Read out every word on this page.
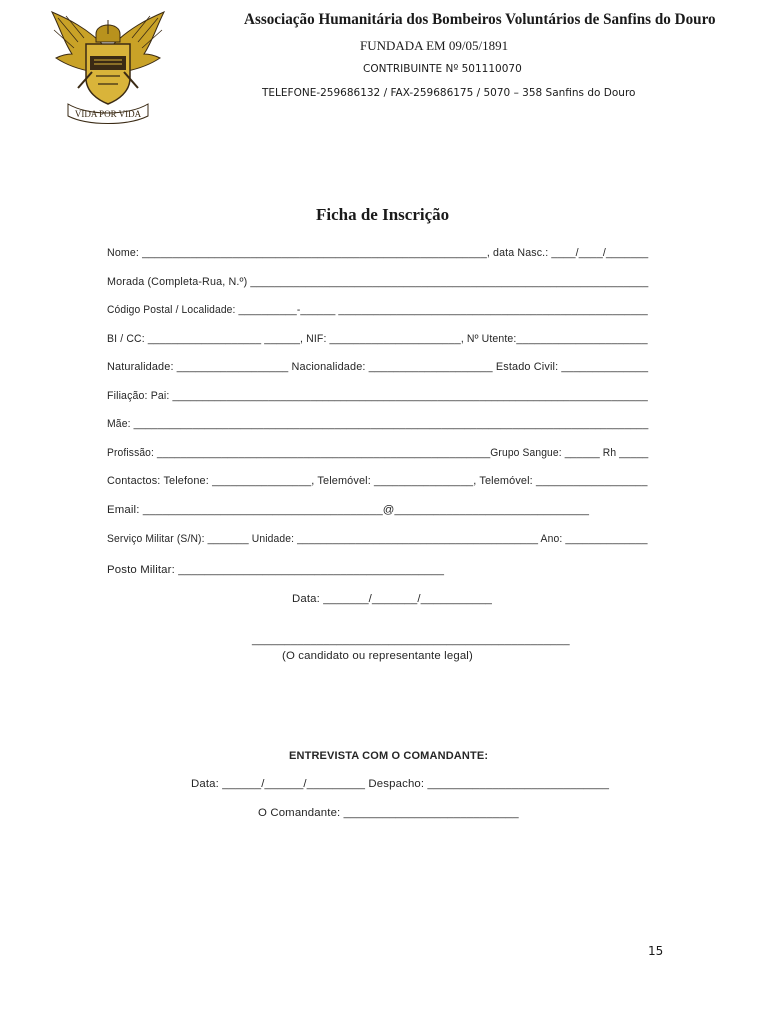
VIDA POR VIDA
Associação Humanitária dos Bombeiros Voluntários de Sanfins do Douro
FUNDADA EM 09/05/1891
CONTRIBUINTE Nº 501110070
TELEFONE-259686132 / FAX-259686175 / 5070 – 358 Sanfins do Douro
Ficha de Inscrição
Nome: _________________________________________________________, data Nasc.: ____/____/_______
Morada (Completa-Rua, N.º) _________________________________________________________________
Código Postal / Localidade: __________-______ _____________________________________________________
BI / CC: ___________________ ______, NIF: ______________________, Nº Utente:______________________
Naturalidade: __________________ Nacionalidade: ____________________ Estado Civil: ______________
Filiação: Pai: _______________________________________________________________________________
Mãe: _______________________________________________________________________________________
Profissão: _________________________________________________________Grupo Sangue: ______ Rh _____
Contactos: Telefone: ________________, Telemóvel: ________________, Telemóvel: __________________
Email: _____________________________________@______________________________
Serviço Militar (S/N): _______ Unidade: _________________________________________ Ano: ______________
Posto Militar: _________________________________________
Data: _______/_______/___________
_________________________________________________
(O candidato ou representante legal)
ENTREVISTA COM O COMANDANTE:
Data: ______/______/_________ Despacho: ____________________________
O Comandante: ___________________________
15
